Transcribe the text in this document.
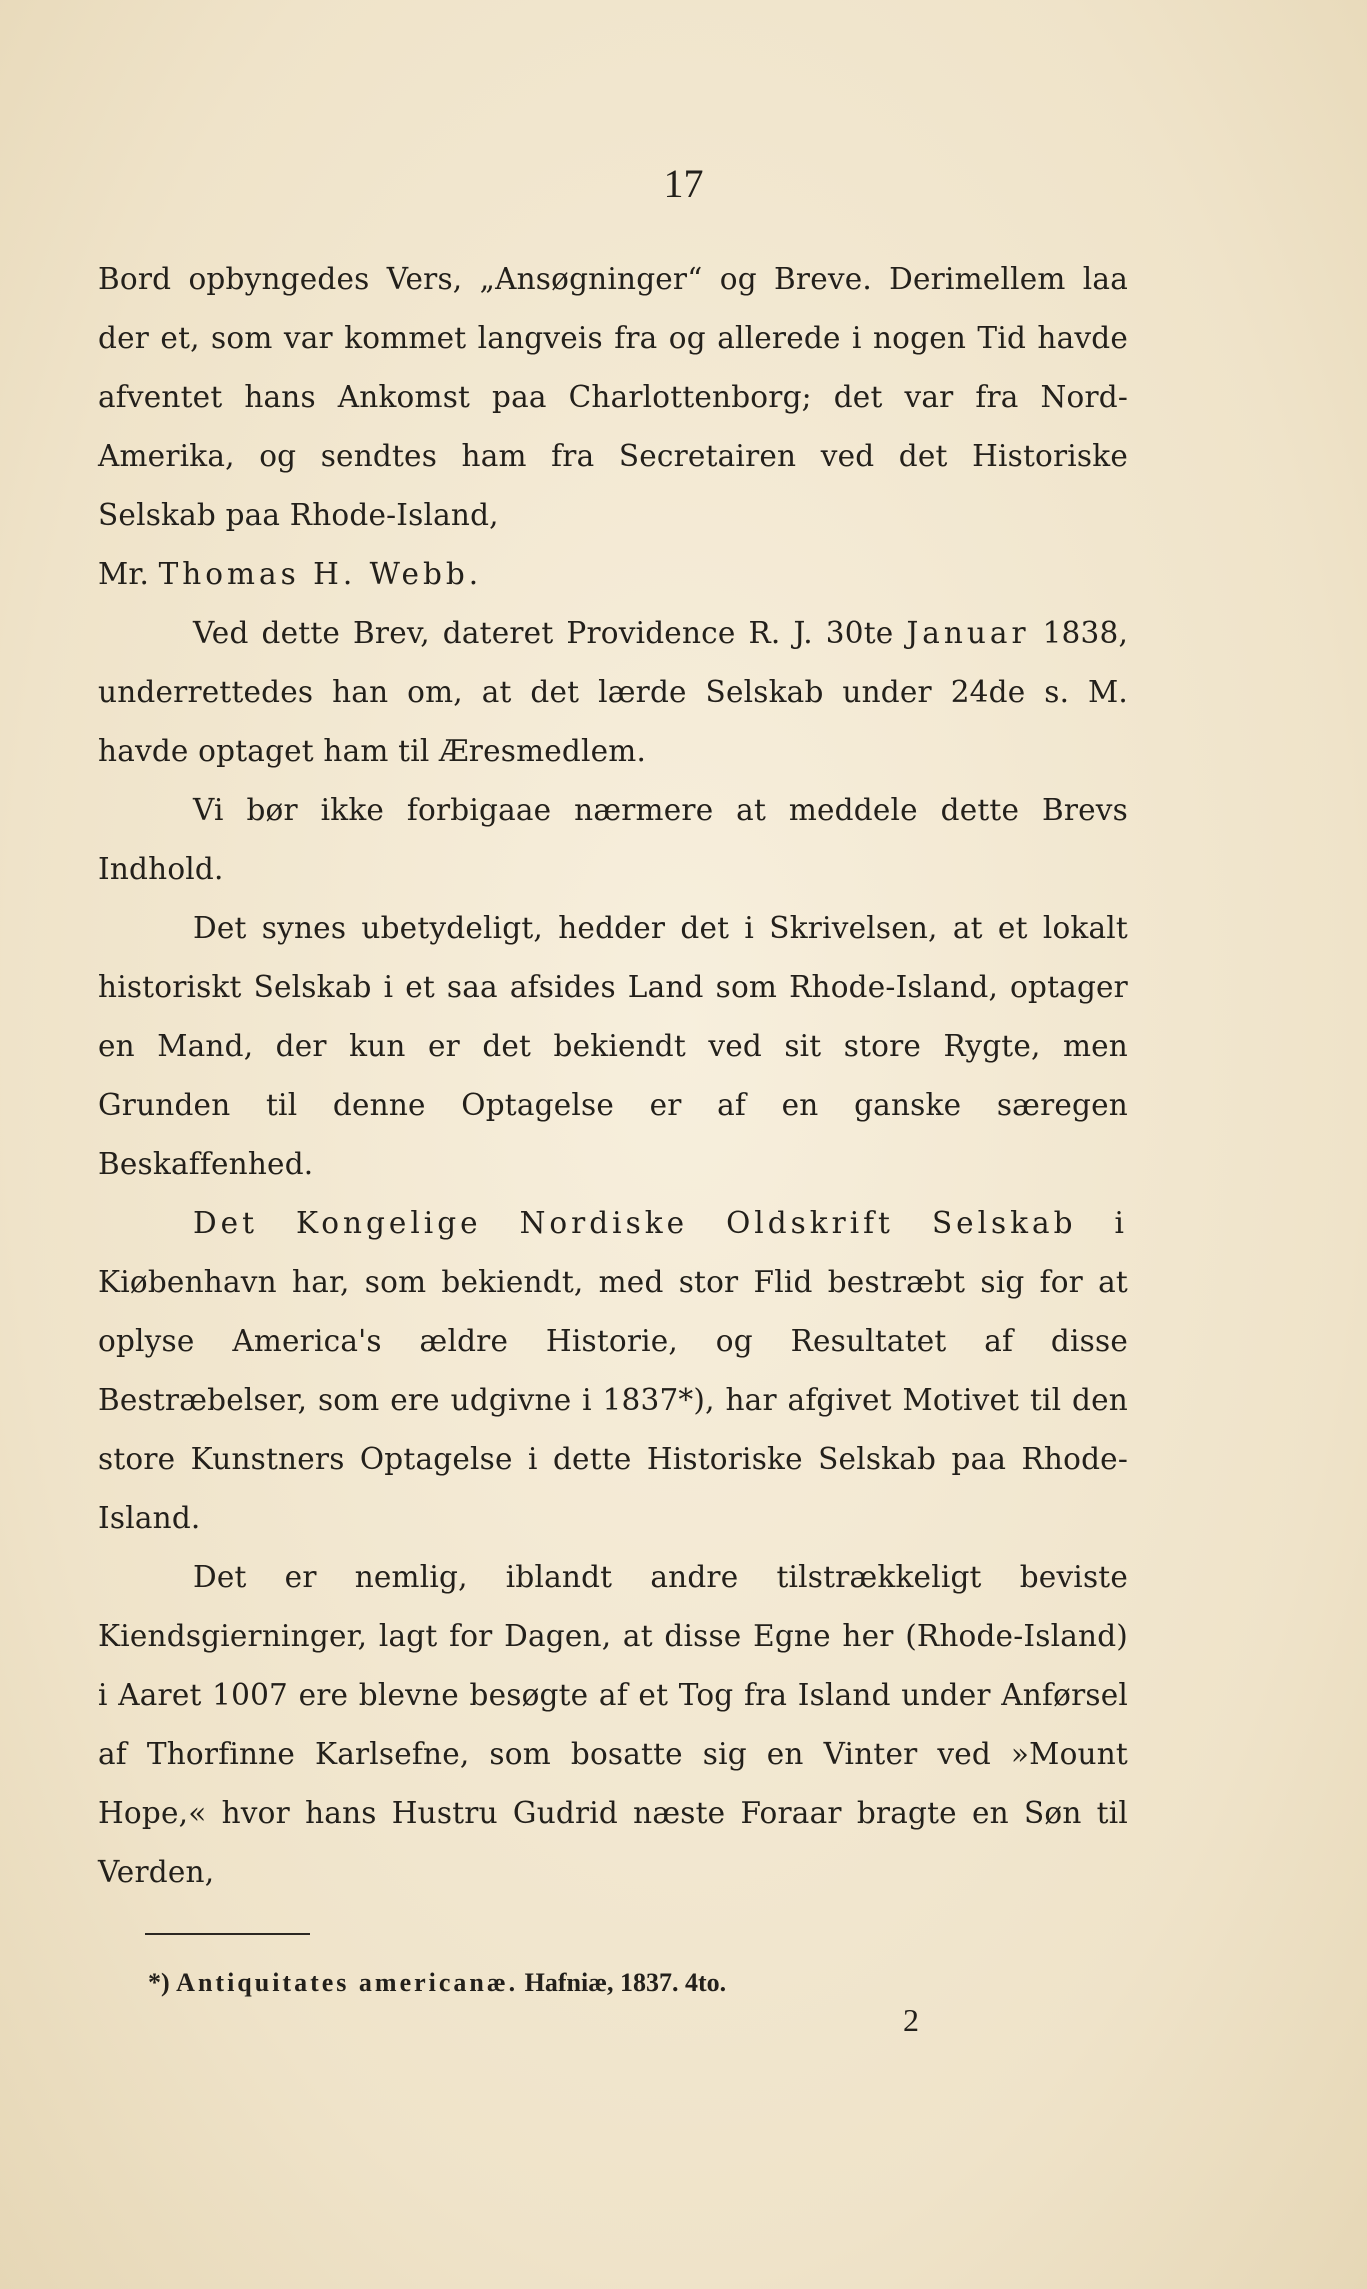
17

Bord opbyngedes Vers, „Ansøgninger“ og Breve. Derimellem laa der et, som var kommet langveis fra og allerede i nogen Tid havde afventet hans Ankomst paa Charlottenborg; det var fra Nord-Amerika, og sendtes ham fra Secretairen ved det Historiske Selskab paa Rhode-Island,
Mr. Thomas H. Webb.

Ved dette Brev, dateret Providence R. J. 30te Januar 1838, underrettedes han om, at det lærde Selskab under 24de s. M. havde optaget ham til Æresmedlem.

Vi bør ikke forbigaae nærmere at meddele dette Brevs Indhold.

Det synes ubetydeligt, hedder det i Skrivelsen, at et lokalt historiskt Selskab i et saa afsides Land som Rhode-Island, optager en Mand, der kun er det bekiendt ved sit store Rygte, men Grunden til denne Optagelse er af en ganske særegen Beskaffenhed.

Det Kongelige Nordiske Oldskrift Selskab i Kiøbenhavn har, som bekiendt, med stor Flid bestræbt sig for at oplyse America's ældre Historie, og Resultatet af disse Bestræbelser, som ere udgivne i 1837*), har afgivet Motivet til den store Kunstners Optagelse i dette Historiske Selskab paa Rhode-Island.

Det er nemlig, iblandt andre tilstrækkeligt beviste Kiendsgierninger, lagt for Dagen, at disse Egne her (Rhode-Island) i Aaret 1007 ere blevne besøgte af et Tog fra Island under Anførsel af Thorfinne Karlsefne, som bosatte sig en Vinter ved »Mount Hope,« hvor hans Hustru Gudrid næste Foraar bragte en Søn til Verden,

*) Antiquitates americanæ. Hafniæ, 1837. 4to.
2
